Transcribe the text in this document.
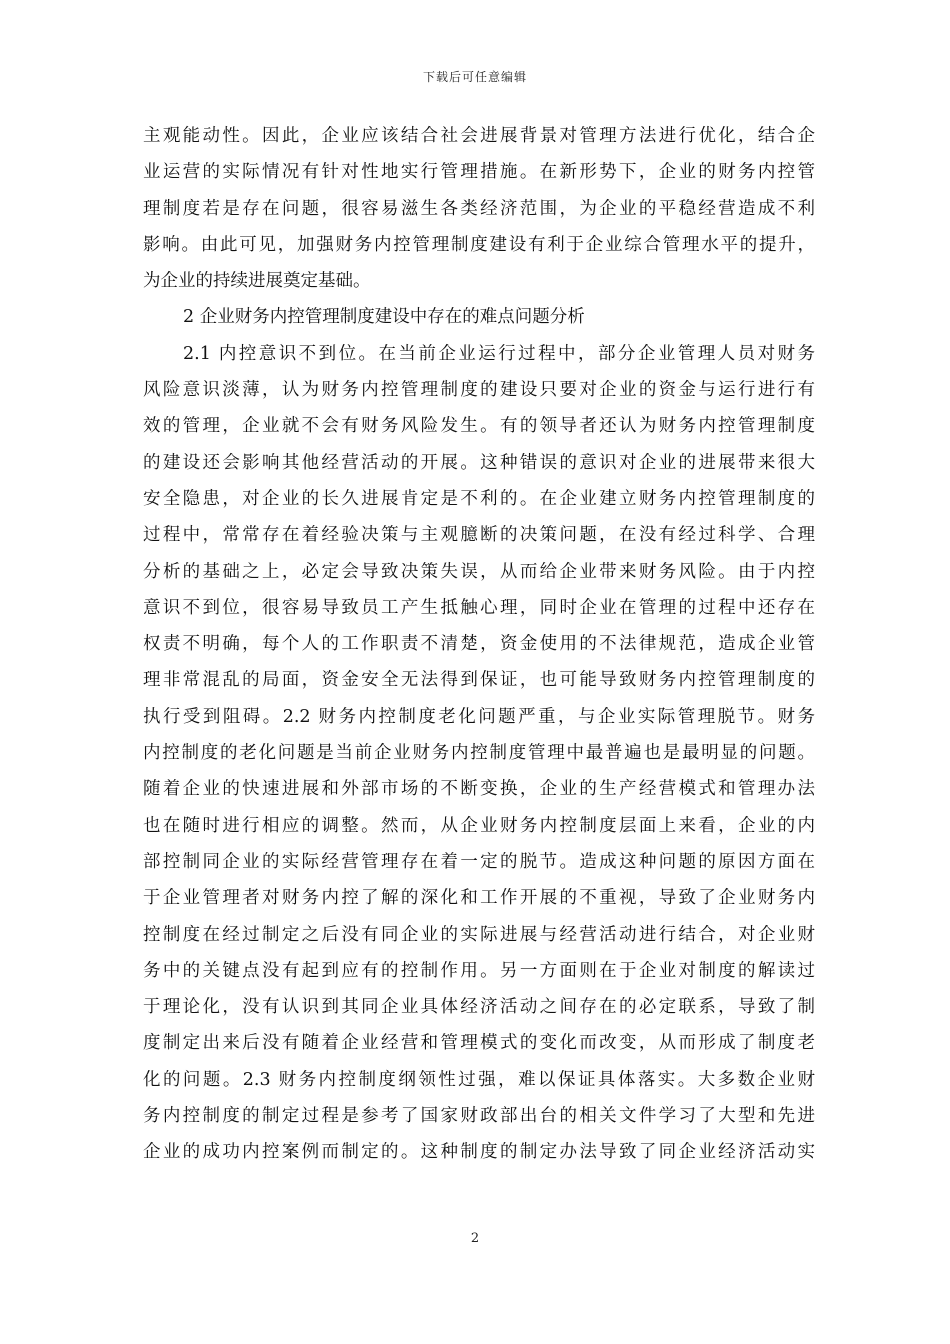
下载后可任意编辑
主观能动性。因此，企业应该结合社会进展背景对管理方法进行优化，结合企
业运营的实际情况有针对性地实行管理措施。在新形势下，企业的财务内控管
理制度若是存在问题，很容易滋生各类经济范围，为企业的平稳经营造成不利
影响。由此可见，加强财务内控管理制度建设有利于企业综合管理水平的提升，
为企业的持续进展奠定基础。
2 企业财务内控管理制度建设中存在的难点问题分析
2.1 内控意识不到位。在当前企业运行过程中，部分企业管理人员对财务
风险意识淡薄，认为财务内控管理制度的建设只要对企业的资金与运行进行有
效的管理，企业就不会有财务风险发生。有的领导者还认为财务内控管理制度
的建设还会影响其他经营活动的开展。这种错误的意识对企业的进展带来很大
安全隐患，对企业的长久进展肯定是不利的。在企业建立财务内控管理制度的
过程中，常常存在着经验决策与主观臆断的决策问题，在没有经过科学、合理
分析的基础之上，必定会导致决策失误，从而给企业带来财务风险。由于内控
意识不到位，很容易导致员工产生抵触心理，同时企业在管理的过程中还存在
权责不明确，每个人的工作职责不清楚，资金使用的不法律规范，造成企业管
理非常混乱的局面，资金安全无法得到保证，也可能导致财务内控管理制度的
执行受到阻碍。2.2 财务内控制度老化问题严重，与企业实际管理脱节。财务
内控制度的老化问题是当前企业财务内控制度管理中最普遍也是最明显的问题。
随着企业的快速进展和外部市场的不断变换，企业的生产经营模式和管理办法
也在随时进行相应的调整。然而，从企业财务内控制度层面上来看，企业的内
部控制同企业的实际经营管理存在着一定的脱节。造成这种问题的原因方面在
于企业管理者对财务内控了解的深化和工作开展的不重视，导致了企业财务内
控制度在经过制定之后没有同企业的实际进展与经营活动进行结合，对企业财
务中的关键点没有起到应有的控制作用。另一方面则在于企业对制度的解读过
于理论化，没有认识到其同企业具体经济活动之间存在的必定联系，导致了制
度制定出来后没有随着企业经营和管理模式的变化而改变，从而形成了制度老
化的问题。2.3 财务内控制度纲领性过强，难以保证具体落实。大多数企业财
务内控制度的制定过程是参考了国家财政部出台的相关文件学习了大型和先进
企业的成功内控案例而制定的。这种制度的制定办法导致了同企业经济活动实
2
